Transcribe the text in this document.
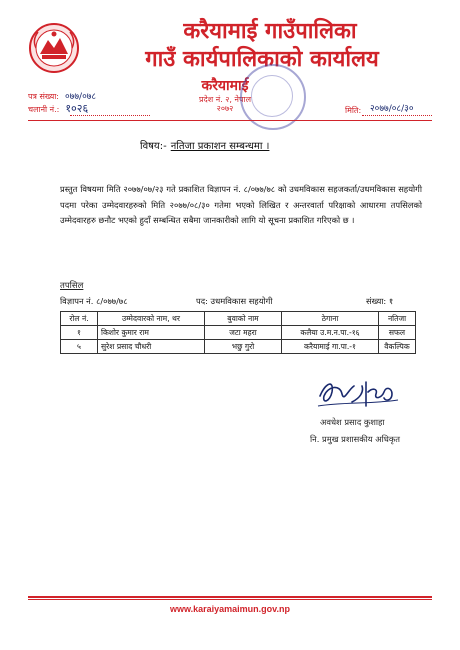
करैयामाई गाउँपालिका
गाउँ कार्यपालिकाको कार्यालय
करैयामाई
प्रदेश नं. २, नेपाल
२०७२
पत्र संख्या: ०७७/०७८
चलानी नं.: १०२६	मिति: २०७७/०८/३०
विषय:- नतिजा प्रकाशन सम्बन्धमा ।
प्रस्तुत विषयमा मिति २०७७/०७/२३ गते प्रकाशित विज्ञापन नं. ८/०७७/७८ को उधमविकास सहजकर्ता/उधमविकास सहयोगी पदमा परेका उम्मेदवारहरुको मिति २०७७/०८/३० गतेमा भएको लिखित र अन्तरवार्ता परिक्षाको आधारमा तपसिलको उम्मेदवारहरु छनौट भएको हुदाँ सम्बन्धित सबैमा जानकारीको लागि यो सूचना प्रकाशित गरिएको छ ।
तपसिल
विज्ञापन नं. ८/०७७/७८	पद: उधमविकास सहयोगी	संख्या: १
रोल नं.	उम्मेदवारको नाम, थर	बुवाको नाम	ठेगाना	नतिजा
१	किशोर कुमार राम	जटा महरा	कलैया उ.म.न.पा.-१६	सफल
५	सुरेश प्रसाद चौधरी	भछु गुरो	करैयामाई गा.पा.-१	वैकल्पिक
अवधेश प्रसाद कुशाहा
नि. प्रमुख प्रशासकीय अधिकृत
www.karaiyamaimun.gov.np
